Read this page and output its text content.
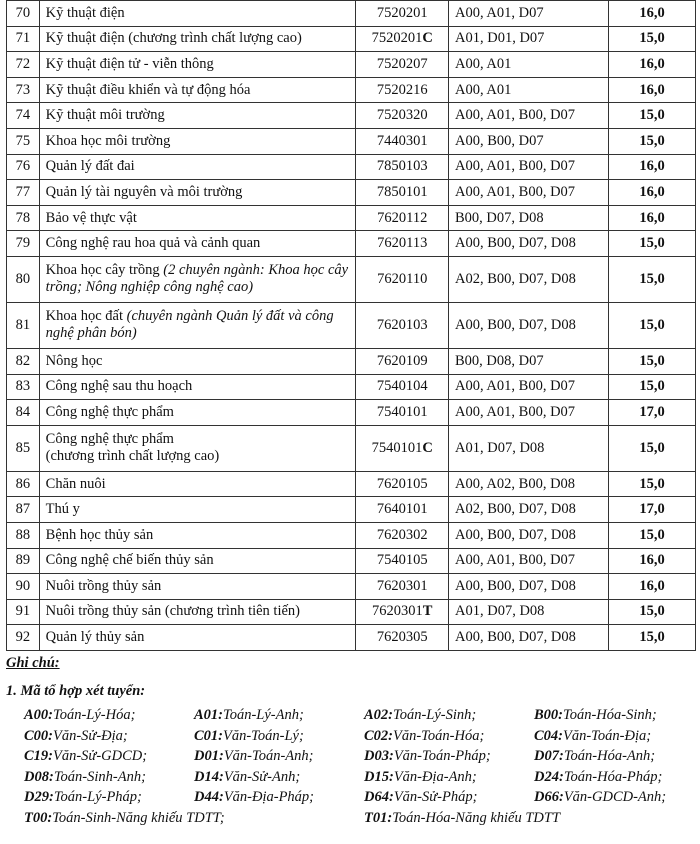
70	Kỹ thuật điện	7520201	A00, A01, D07	16,0
71	Kỹ thuật điện (chương trình chất lượng cao)	7520201C	A01, D01, D07	15,0
72	Kỹ thuật điện tử - viễn thông	7520207	A00, A01	16,0
73	Kỹ thuật điều khiển và tự động hóa	7520216	A00, A01	16,0
74	Kỹ thuật môi trường	7520320	A00, A01, B00, D07	15,0
75	Khoa học môi trường	7440301	A00, B00, D07	15,0
76	Quản lý đất đai	7850103	A00, A01, B00, D07	16,0
77	Quản lý tài nguyên và môi trường	7850101	A00, A01, B00, D07	16,0
78	Bảo vệ thực vật	7620112	B00, D07, D08	16,0
79	Công nghệ rau hoa quả và cảnh quan	7620113	A00, B00, D07, D08	15,0
80	Khoa học cây trồng (2 chuyên ngành: Khoa học cây trồng; Nông nghiệp công nghệ cao)	7620110	A02, B00, D07, D08	15,0
81	Khoa học đất (chuyên ngành Quản lý đất và công nghệ phân bón)	7620103	A00, B00, D07, D08	15,0
82	Nông học	7620109	B00, D08, D07	15,0
83	Công nghệ sau thu hoạch	7540104	A00, A01, B00, D07	15,0
84	Công nghệ thực phẩm	7540101	A00, A01, B00, D07	17,0
85	Công nghệ thực phẩm
(chương trình chất lượng cao)	7540101C	A01, D07, D08	15,0
86	Chăn nuôi	7620105	A00, A02, B00, D08	15,0
87	Thú y	7640101	A02, B00, D07, D08	17,0
88	Bệnh học thủy sản	7620302	A00, B00, D07, D08	15,0
89	Công nghệ chế biến thủy sản	7540105	A00, A01, B00, D07	16,0
90	Nuôi trồng thủy sản	7620301	A00, B00, D07, D08	16,0
91	Nuôi trồng thủy sản (chương trình tiên tiến)	7620301T	A01, D07, D08	15,0
92	Quản lý thủy sản	7620305	A00, B00, D07, D08	15,0
Ghi chú:
1. Mã tổ hợp xét tuyển:
A00:Toán-Lý-Hóa;	A01:Toán-Lý-Anh;	A02:Toán-Lý-Sinh;	B00:Toán-Hóa-Sinh;
C00:Văn-Sử-Địa;	C01:Văn-Toán-Lý;	C02:Văn-Toán-Hóa;	C04:Văn-Toán-Địa;
C19:Văn-Sử-GDCD;	D01:Văn-Toán-Anh;	D03:Văn-Toán-Pháp;	D07:Toán-Hóa-Anh;
D08:Toán-Sinh-Anh;	D14:Văn-Sử-Anh;	D15:Văn-Địa-Anh;	D24:Toán-Hóa-Pháp;
D29:Toán-Lý-Pháp;	D44:Văn-Địa-Pháp;	D64:Văn-Sử-Pháp;	D66:Văn-GDCD-Anh;
T00:Toán-Sinh-Năng khiếu TDTT;	T01:Toán-Hóa-Năng khiếu TDTT
